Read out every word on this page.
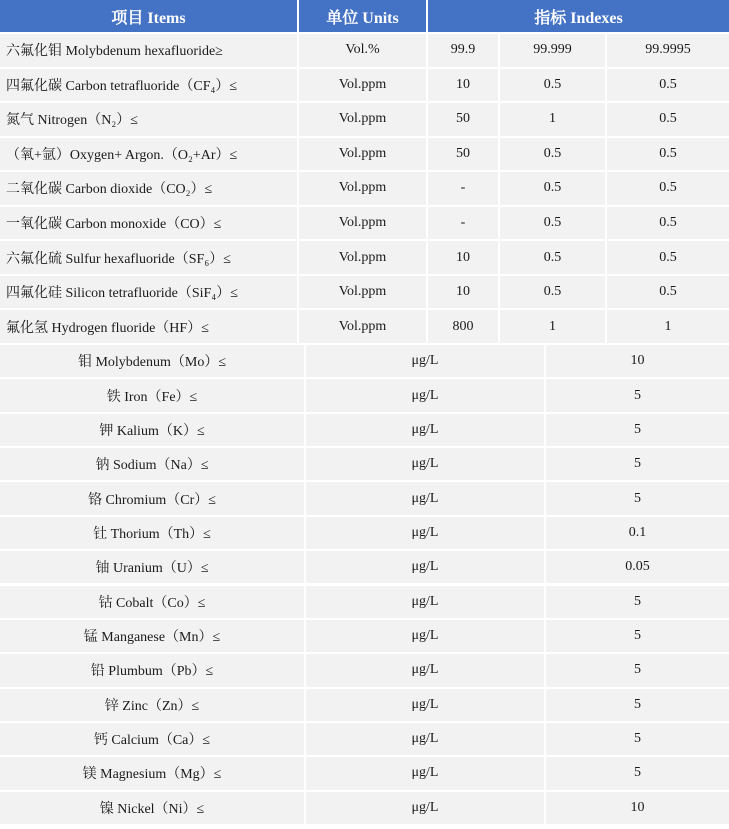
项目 Items	单位 Units	指标 Indexes
六氟化钼 Molybdenum hexafluoride≥	Vol.%	99.9	99.999	99.9995
四氟化碳 Carbon tetrafluoride（CF₄）≤	Vol.ppm	10	0.5	0.5
氮气 Nitrogen（N₂）≤	Vol.ppm	50	1	0.5
（氧+氩）Oxygen+ Argon.（O₂+Ar）≤	Vol.ppm	50	0.5	0.5
二氧化碳 Carbon dioxide（CO₂）≤	Vol.ppm	-	0.5	0.5
一氧化碳 Carbon monoxide（CO）≤	Vol.ppm	-	0.5	0.5
六氟化硫 Sulfur hexafluoride（SF₆）≤	Vol.ppm	10	0.5	0.5
四氟化硅 Silicon tetrafluoride（SiF₄）≤	Vol.ppm	10	0.5	0.5
氟化氢 Hydrogen fluoride（HF）≤	Vol.ppm	800	1	1
钼 Molybdenum（Mo）≤	μg/L	10
铁 Iron（Fe）≤	μg/L	5
钾 Kalium（K）≤	μg/L	5
钠 Sodium（Na）≤	μg/L	5
铬 Chromium（Cr）≤	μg/L	5
钍 Thorium（Th）≤	μg/L	0.1
铀 Uranium（U）≤	μg/L	0.05
钴 Cobalt（Co）≤	μg/L	5
锰 Manganese（Mn）≤	μg/L	5
铅 Plumbum（Pb）≤	μg/L	5
锌 Zinc（Zn）≤	μg/L	5
钙 Calcium（Ca）≤	μg/L	5
镁 Magnesium（Mg）≤	μg/L	5
镍 Nickel（Ni）≤	μg/L	10
